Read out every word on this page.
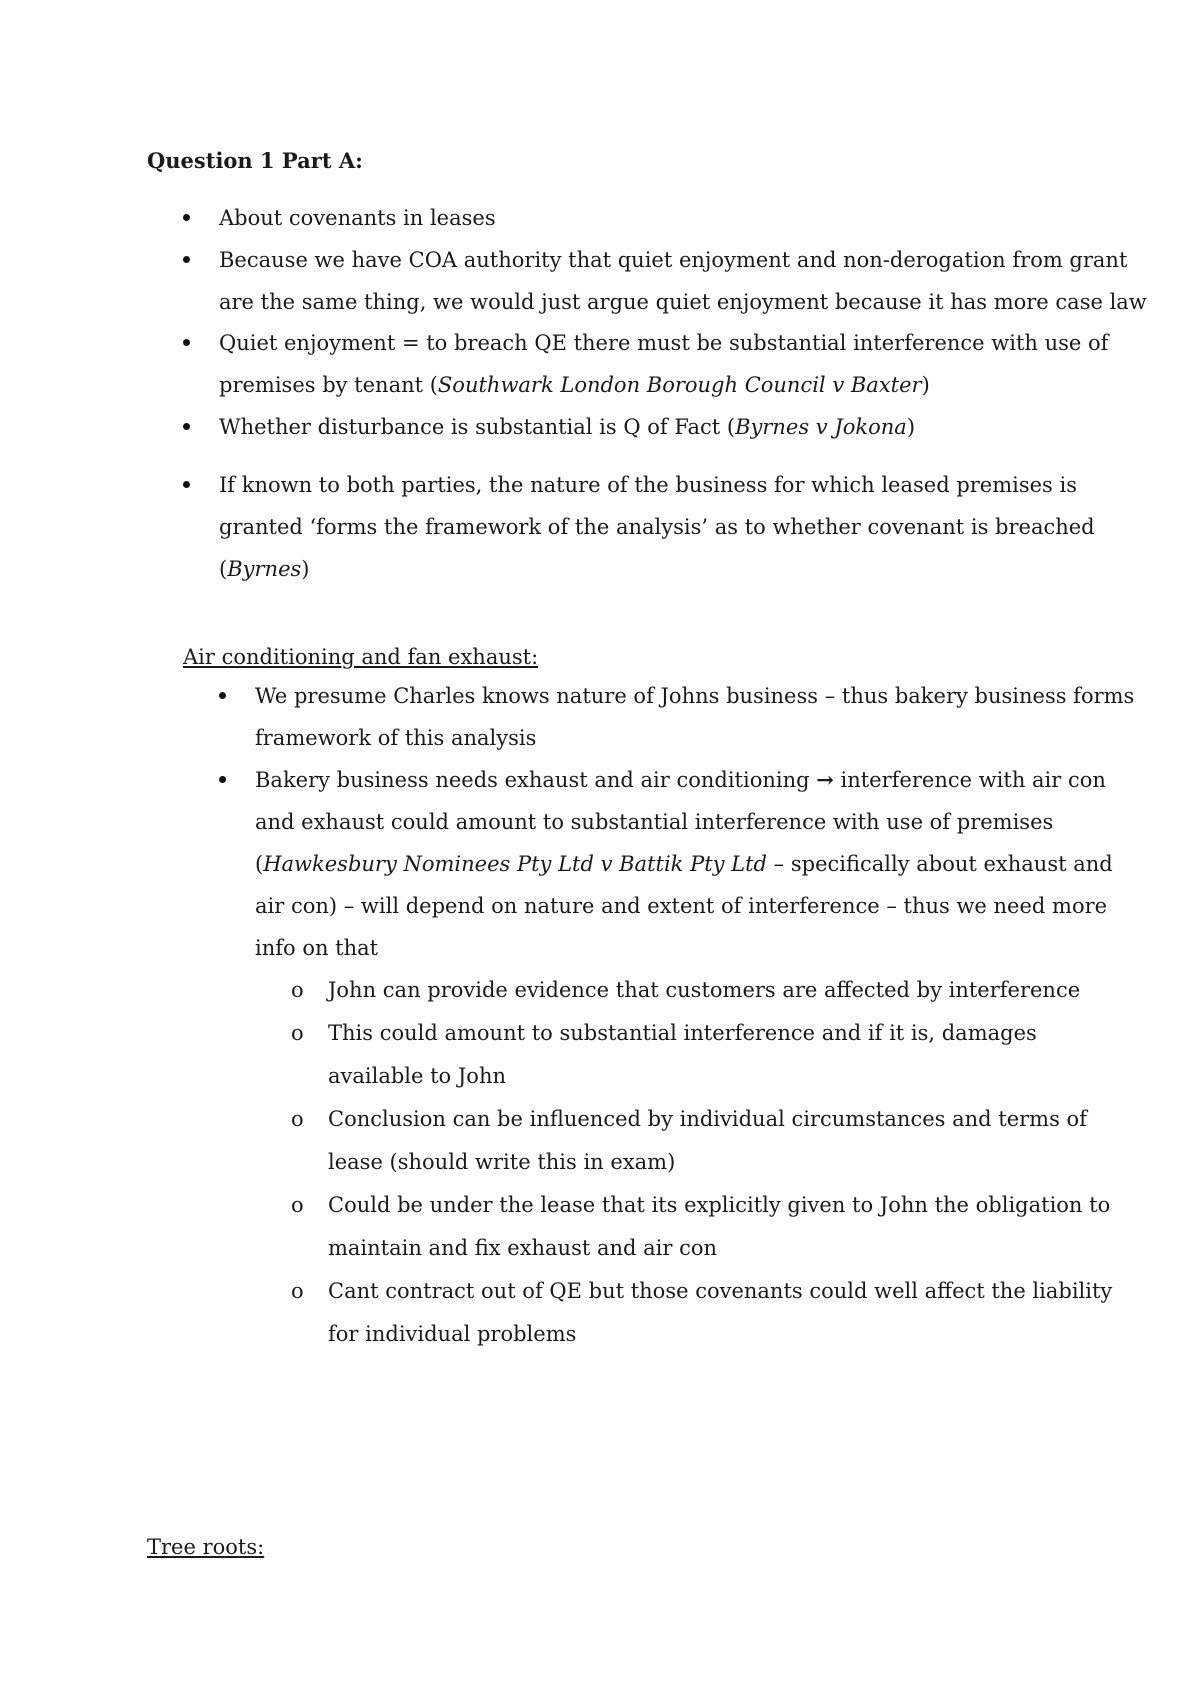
Question 1 Part A:
About covenants in leases
Because we have COA authority that quiet enjoyment and non-derogation from grant
are the same thing, we would just argue quiet enjoyment because it has more case law
Quiet enjoyment = to breach QE there must be substantial interference with use of
premises by tenant (Southwark London Borough Council v Baxter)
Whether disturbance is substantial is Q of Fact (Byrnes v Jokona)
If known to both parties, the nature of the business for which leased premises is
granted ‘forms the framework of the analysis’ as to whether covenant is breached
(Byrnes)
Air conditioning and fan exhaust:
We presume Charles knows nature of Johns business – thus bakery business forms
framework of this analysis
Bakery business needs exhaust and air conditioning → interference with air con
and exhaust could amount to substantial interference with use of premises
(Hawkesbury Nominees Pty Ltd v Battik Pty Ltd – specifically about exhaust and
air con) – will depend on nature and extent of interference – thus we need more
info on that
o John can provide evidence that customers are affected by interference
o This could amount to substantial interference and if it is, damages
available to John
o Conclusion can be influenced by individual circumstances and terms of
lease (should write this in exam)
o Could be under the lease that its explicitly given to John the obligation to
maintain and fix exhaust and air con
o Cant contract out of QE but those covenants could well affect the liability
for individual problems
Tree roots:
